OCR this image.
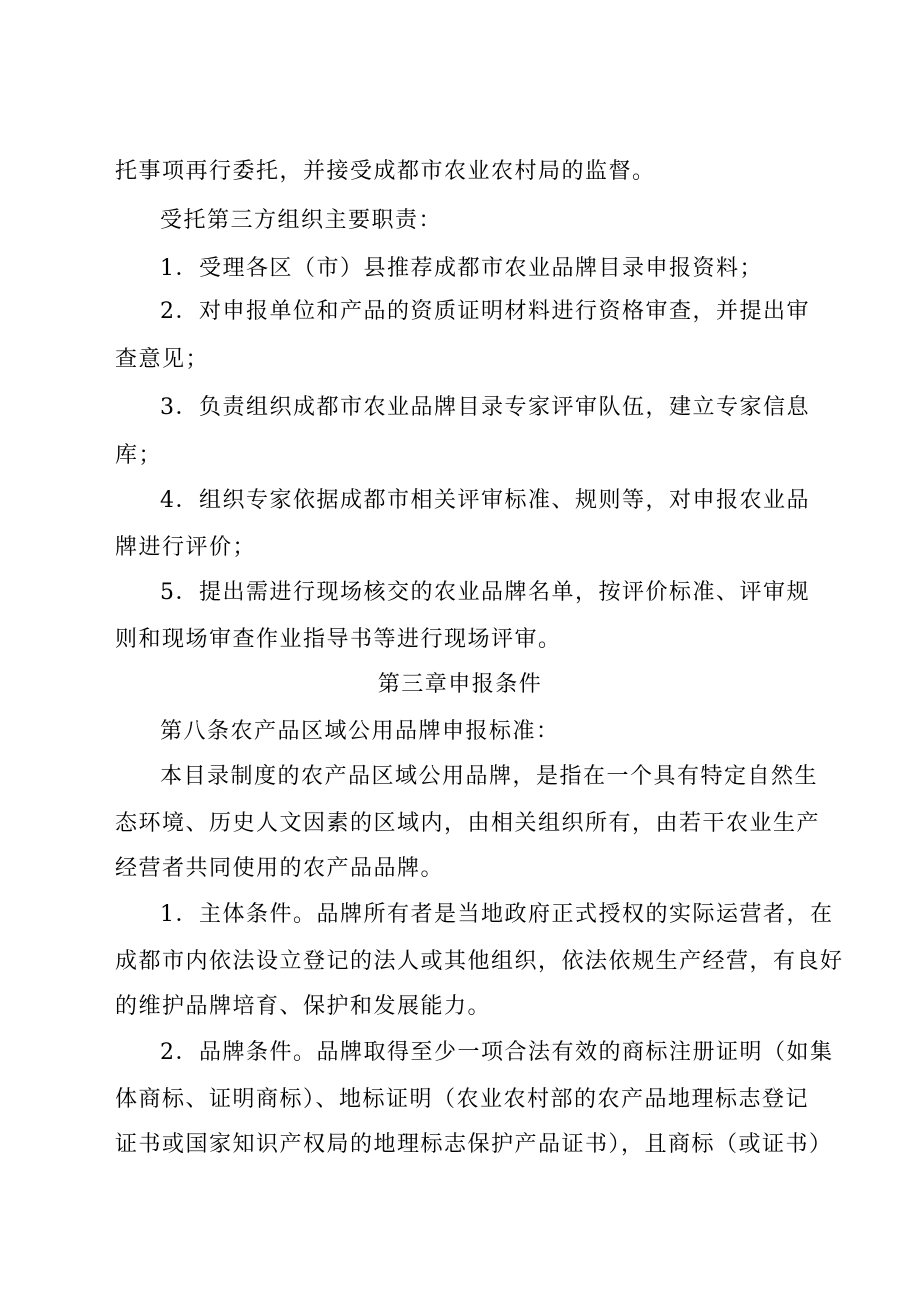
托事项再行委托，并接受成都市农业农村局的监督。
受托第三方组织主要职责：
1．受理各区（市）县推荐成都市农业品牌目录申报资料；
2．对申报单位和产品的资质证明材料进行资格审查，并提出审
查意见；
3．负责组织成都市农业品牌目录专家评审队伍，建立专家信息
库；
4．组织专家依据成都市相关评审标准、规则等，对申报农业品
牌进行评价；
5．提出需进行现场核交的农业品牌名单，按评价标准、评审规
则和现场审查作业指导书等进行现场评审。
第三章申报条件
第八条农产品区域公用品牌申报标准：
本目录制度的农产品区域公用品牌，是指在一个具有特定自然生
态环境、历史人文因素的区域内，由相关组织所有，由若干农业生产
经营者共同使用的农产品品牌。
1．主体条件。品牌所有者是当地政府正式授权的实际运营者，在
成都市内依法设立登记的法人或其他组织，依法依规生产经营，有良好
的维护品牌培育、保护和发展能力。
2．品牌条件。品牌取得至少一项合法有效的商标注册证明（如集
体商标、证明商标）、地标证明（农业农村部的农产品地理标志登记
证书或国家知识产权局的地理标志保护产品证书），且商标（或证书）
